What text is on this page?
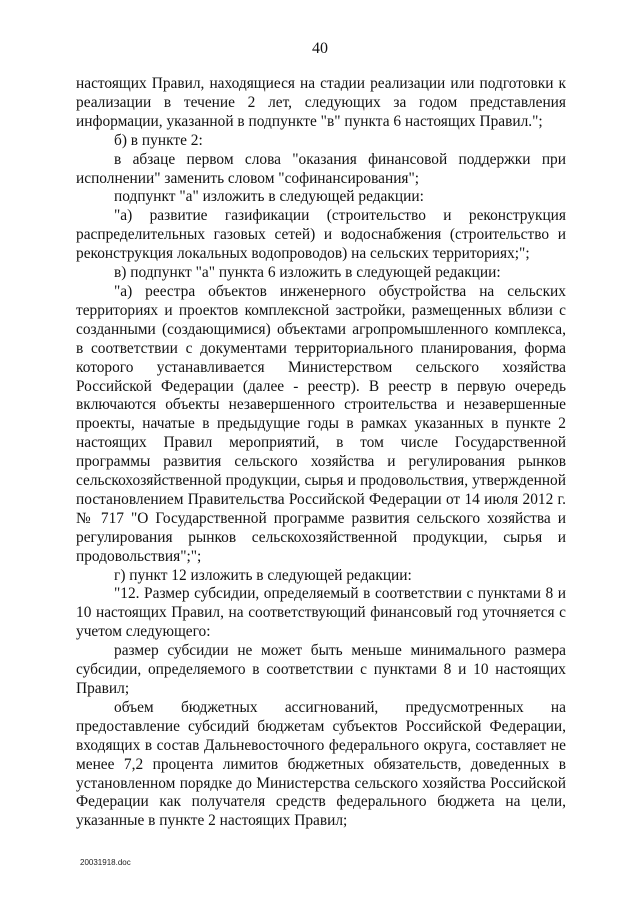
40

настоящих Правил, находящиеся на стадии реализации или подготовки к реализации в течение 2 лет, следующих за годом представления информации, указанной в подпункте "в" пункта 6 настоящих Правил.";

б) в пункте 2:

в абзаце первом слова "оказания финансовой поддержки при исполнении" заменить словом "софинансирования";

подпункт "а" изложить в следующей редакции:

"а) развитие газификации (строительство и реконструкция распределительных газовых сетей) и водоснабжения (строительство и реконструкция локальных водопроводов) на сельских территориях;";

в) подпункт "а" пункта 6 изложить в следующей редакции:

"а) реестра объектов инженерного обустройства на сельских территориях и проектов комплексной застройки, размещенных вблизи с созданными (создающимися) объектами агропромышленного комплекса, в соответствии с документами территориального планирования, форма которого устанавливается Министерством сельского хозяйства Российской Федерации (далее - реестр). В реестр в первую очередь включаются объекты незавершенного строительства и незавершенные проекты, начатые в предыдущие годы в рамках указанных в пункте 2 настоящих Правил мероприятий, в том числе Государственной программы развития сельского хозяйства и регулирования рынков сельскохозяйственной продукции, сырья и продовольствия, утвержденной постановлением Правительства Российской Федерации от 14 июля 2012 г. № 717 "О Государственной программе развития сельского хозяйства и регулирования рынков сельскохозяйственной продукции, сырья и продовольствия";";

г) пункт 12 изложить в следующей редакции:

"12. Размер субсидии, определяемый в соответствии с пунктами 8 и 10 настоящих Правил, на соответствующий финансовый год уточняется с учетом следующего:

размер субсидии не может быть меньше минимального размера субсидии, определяемого в соответствии с пунктами 8 и 10 настоящих Правил;

объем бюджетных ассигнований, предусмотренных на предоставление субсидий бюджетам субъектов Российской Федерации, входящих в состав Дальневосточного федерального округа, составляет не менее 7,2 процента лимитов бюджетных обязательств, доведенных в установленном порядке до Министерства сельского хозяйства Российской Федерации как получателя средств федерального бюджета на цели, указанные в пункте 2 настоящих Правил;

20031918.doc
